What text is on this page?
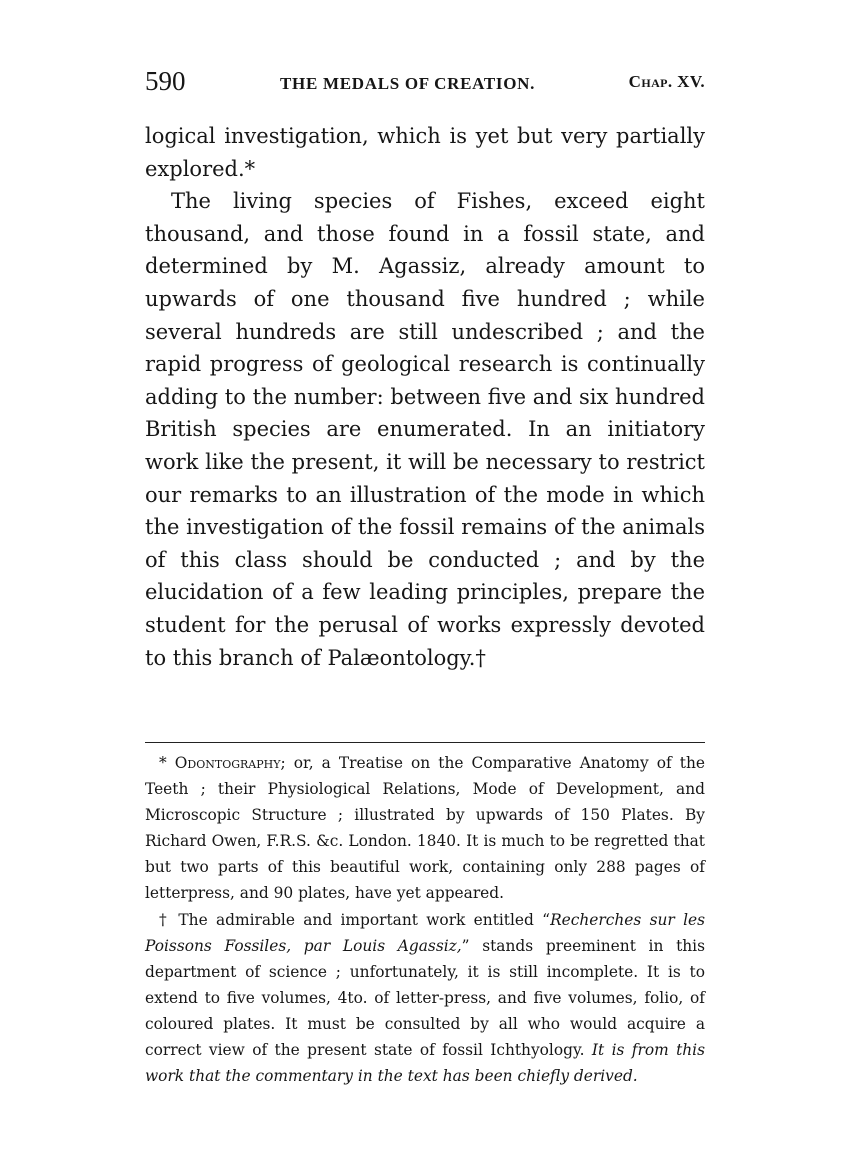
590	THE MEDALS OF CREATION.	Chap. XV.

logical investigation, which is yet but very partially explored.*

The living species of Fishes, exceed eight thousand, and those found in a fossil state, and determined by M. Agassiz, already amount to upwards of one thousand five hundred ; while several hundreds are still undescribed ; and the rapid progress of geological research is continually adding to the number: between five and six hundred British species are enumerated. In an initiatory work like the present, it will be necessary to restrict our remarks to an illustration of the mode in which the investigation of the fossil remains of the animals of this class should be conducted ; and by the elucidation of a few leading principles, prepare the student for the perusal of works expressly devoted to this branch of Palæontology.†

* Odontography; or, a Treatise on the Comparative Anatomy of the Teeth ; their Physiological Relations, Mode of Development, and Microscopic Structure ; illustrated by upwards of 150 Plates. By Richard Owen, F.R.S. &c. London. 1840. It is much to be regretted that but two parts of this beautiful work, containing only 288 pages of letterpress, and 90 plates, have yet appeared.

† The admirable and important work entitled “Recherches sur les Poissons Fossiles, par Louis Agassiz,” stands preeminent in this department of science ; unfortunately, it is still incomplete. It is to extend to five volumes, 4to. of letter-press, and five volumes, folio, of coloured plates. It must be consulted by all who would acquire a correct view of the present state of fossil Ichthyology. It is from this work that the commentary in the text has been chiefly derived.
